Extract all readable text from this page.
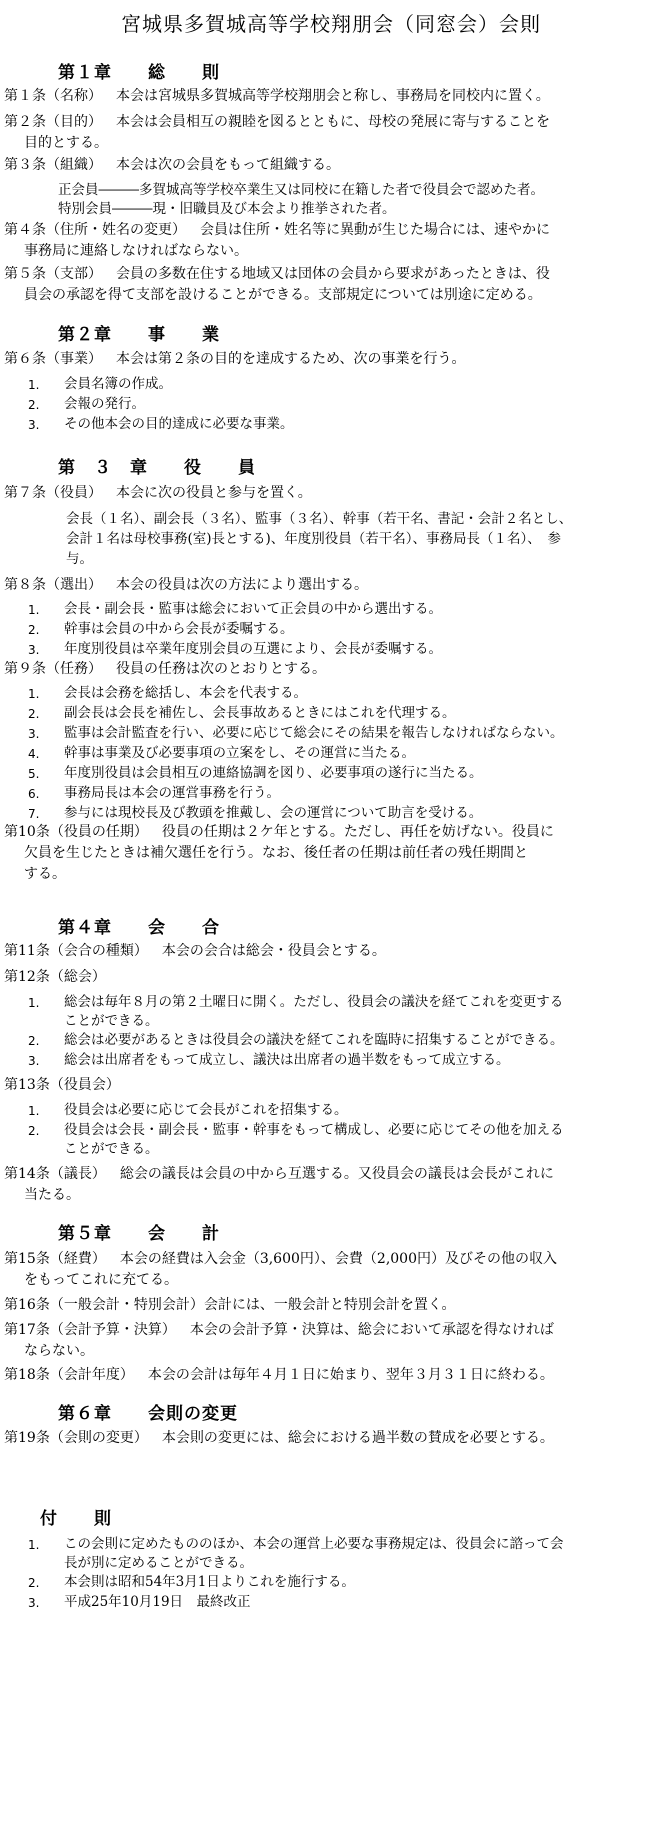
宮城県多賀城高等学校翔朋会（同窓会）会則
第１章　　総　　則
第１条（名称） 本会は宮城県多賀城高等学校翔朋会と称し、事務局を同校内に置く。
第２条（目的） 本会は会員相互の親睦を図るとともに、母校の発展に寄与することを
目的とする。
第３条（組織） 本会は次の会員をもって組織する。
正会員―――多賀城高等学校卒業生又は同校に在籍した者で役員会で認めた者。
特別会員―――現・旧職員及び本会より推挙された者。
第４条（住所・姓名の変更） 会員は住所・姓名等に異動が生じた場合には、速やかに
事務局に連絡しなければならない。
第５条（支部） 会員の多数在住する地域又は団体の会員から要求があったときは、役
員会の承認を得て支部を設けることができる。支部規定については別途に定める。
第２章　　事　　業
第６条（事業） 本会は第２条の目的を達成するため、次の事業を行う。
1.	会員名簿の作成。
2.	会報の発行。
3.	その他本会の目的達成に必要な事業。
第　３　章　　役　　員
第７条（役員） 本会に次の役員と参与を置く。
会長（１名）、副会長（３名）、監事（３名）、幹事（若干名、書記・会計２名とし、
会計１名は母校事務(室)長とする)、年度別役員（若干名）、事務局長（１名）、　参
与。
第８条（選出） 本会の役員は次の方法により選出する。
1.	会長・副会長・監事は総会において正会員の中から選出する。
2.	幹事は会員の中から会長が委嘱する。
3.	年度別役員は卒業年度別会員の互選により、会長が委嘱する。
第９条（任務） 役員の任務は次のとおりとする。
1.	会長は会務を総括し、本会を代表する。
2.	副会長は会長を補佐し、会長事故あるときにはこれを代理する。
3.	監事は会計監査を行い、必要に応じて総会にその結果を報告しなければならない。
4.	幹事は事業及び必要事項の立案をし、その運営に当たる。
5.	年度別役員は会員相互の連絡協調を図り、必要事項の遂行に当たる。
6.	事務局長は本会の運営事務を行う。
7.	参与には現校長及び教頭を推戴し、会の運営について助言を受ける。
第10条（役員の任期） 役員の任期は２ケ年とする。ただし、再任を妨げない。役員に
欠員を生じたときは補欠選任を行う。なお、後任者の任期は前任者の残任期間と
する。
第４章　　会　　合
第11条（会合の種類） 本会の会合は総会・役員会とする。
第12条（総会）
1.	総会は毎年８月の第２土曜日に開く。ただし、役員会の議決を経てこれを変更する
ことができる。
2.	総会は必要があるときは役員会の議決を経てこれを臨時に招集することができる。
3.	総会は出席者をもって成立し、議決は出席者の過半数をもって成立する。
第13条（役員会）
1.	役員会は必要に応じて会長がこれを招集する。
2.	役員会は会長・副会長・監事・幹事をもって構成し、必要に応じてその他を加える
ことができる。
第14条（議長） 総会の議長は会員の中から互選する。又役員会の議長は会長がこれに
当たる。
第５章　　会　　計
第15条（経費） 本会の経費は入会金（3,600円）、会費（2,000円）及びその他の収入
をもってこれに充てる。
第16条（一般会計・特別会計）会計には、一般会計と特別会計を置く。
第17条（会計予算・決算） 本会の会計予算・決算は、総会において承認を得なければ
ならない。
第18条（会計年度） 本会の会計は毎年４月１日に始まり、翌年３月３１日に終わる。
第６章　　会則の変更
第19条（会則の変更） 本会則の変更には、総会における過半数の賛成を必要とする。
付　　則
1.	この会則に定めたもののほか、本会の運営上必要な事務規定は、役員会に諮って会
長が別に定めることができる。
2.	本会則は昭和54年3月1日よりこれを施行する。
3.	平成25年10月19日　最終改正
